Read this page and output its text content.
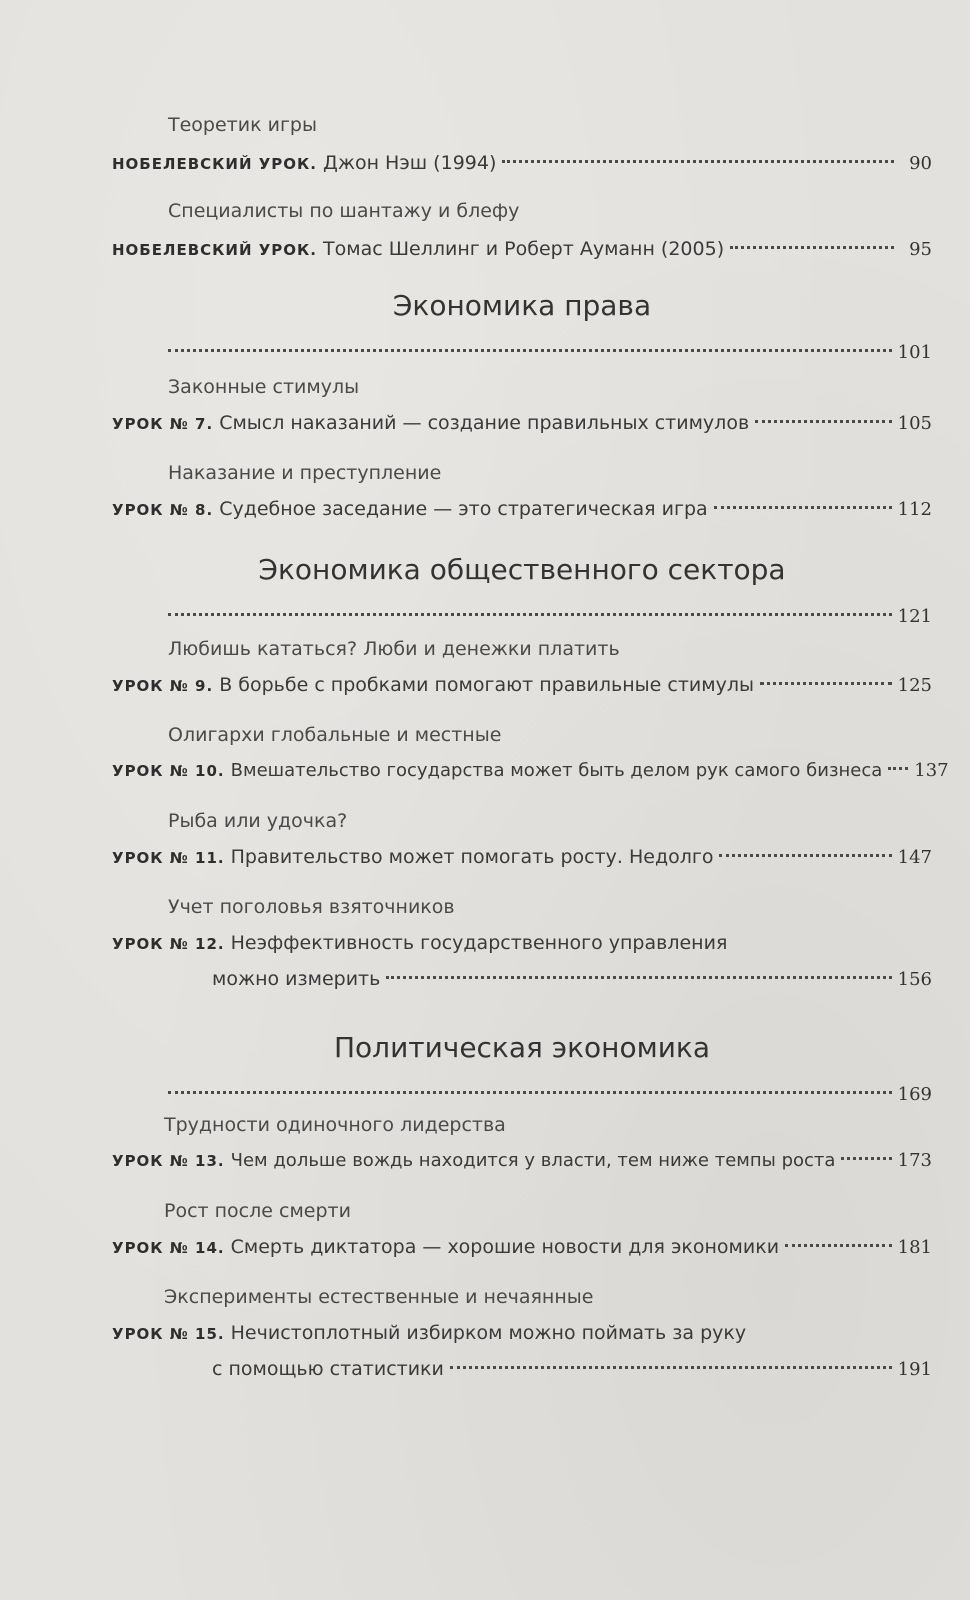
Теоретик игры
НОБЕЛЕВСКИЙ УРОК. Джон Нэш (1994)	90
Специалисты по шантажу и блефу
НОБЕЛЕВСКИЙ УРОК. Томас Шеллинг и Роберт Ауманн (2005)	95
Экономика права
101
Законные стимулы
УРОК № 7. Смысл наказаний — создание правильных стимулов	105
Наказание и преступление
УРОК № 8. Судебное заседание — это стратегическая игра	112
Экономика общественного сектора
121
Любишь кататься? Люби и денежки платить
УРОК № 9. В борьбе с пробками помогают правильные стимулы	125
Олигархи глобальные и местные
УРОК № 10. Вмешательство государства может быть делом рук самого бизнеса 137
Рыба или удочка?
УРОК № 11. Правительство может помогать росту. Недолго	147
Учет поголовья взяточников
УРОК № 12. Неэффективность государственного управления
можно измерить	156
Политическая экономика
169
Трудности одиночного лидерства
УРОК № 13. Чем дольше вождь находится у власти, тем ниже темпы роста	173
Рост после смерти
УРОК № 14. Смерть диктатора — хорошие новости для экономики	181
Эксперименты естественные и нечаянные
УРОК № 15. Нечистоплотный избирком можно поймать за руку
с помощью статистики	191
